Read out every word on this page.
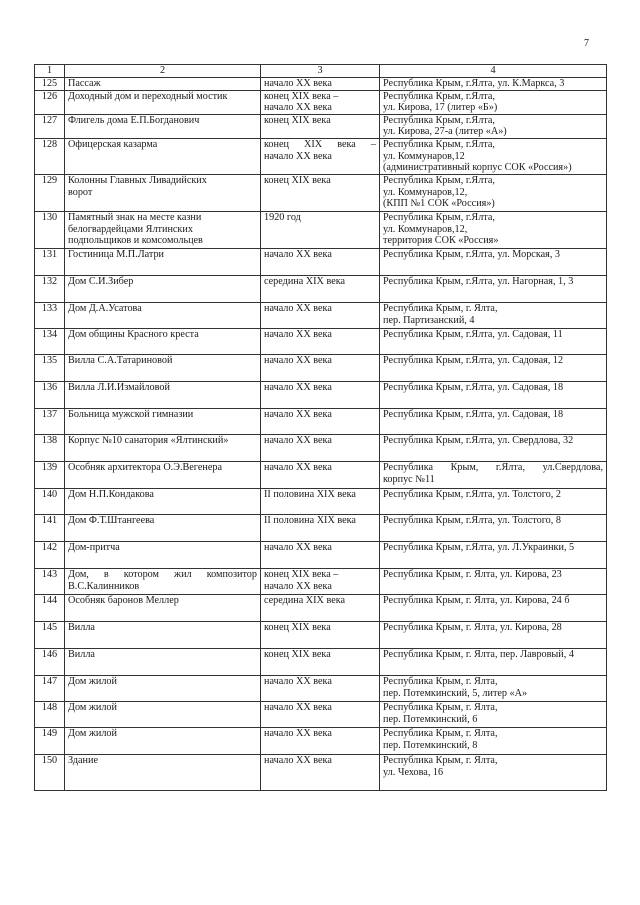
7
1	2	3	4
125	Пассаж	начало XX века	Республика Крым, г.Ялта, ул. К.Маркса, 3

126	Доходный дом и переходный мостик	конец XIX века –
начало XX века	Республика Крым, г.Ялта,
ул. Кирова, 17 (литер «Б»)

127	Флигель дома Е.П.Богданович	конец XIX века	Республика Крым, г.Ялта,
ул. Кирова, 27-а (литер «А»)

128	Офицерская казарма	конец XIX века –
начало XX века	Республика Крым, г.Ялта,
ул. Коммунаров,12
(административный корпус СОК «Россия»)

129	Колонны Главных Ливадийских
ворот	конец XIX века	Республика Крым, г.Ялта,
ул. Коммунаров,12,
(КПП №1 СОК «Россия»)

130	Памятный знак на месте казни
белогвардейцами Ялтинских
подпольщиков и комсомольцев	1920 год	Республика Крым, г.Ялта,
ул. Коммунаров,12,
территория СОК «Россия»

131	Гостиница М.П.Латри	начало XX века	Республика Крым, г.Ялта, ул. Морская, 3

132	Дом С.И.Зибер	середина XIX века	Республика Крым, г.Ялта, ул. Нагорная, 1, 3

133	Дом Д.А.Усатова	начало XX века	Республика Крым, г. Ялта,
пер. Партизанский, 4

134	Дом общины Красного креста	начало XX века	Республика Крым, г.Ялта, ул. Садовая, 11

135	Вилла С.А.Татариновой	начало XX века	Республика Крым, г.Ялта, ул. Садовая, 12

136	Вилла Л.И.Измайловой	начало XX века	Республика Крым, г.Ялта, ул. Садовая, 18

137	Больница мужской гимназии	начало XX века	Республика Крым, г.Ялта, ул. Садовая, 18

138	Корпус №10 санатория «Ялтинский»	начало XX века	Республика Крым, г.Ялта, ул. Свердлова, 32

139	Особняк архитектора О.Э.Вегенера	начало XX века	Республика Крым, г.Ялта, ул.Свердлова,
корпус №11

140	Дом Н.П.Кондакова	II половина XIX века	Республика Крым, г.Ялта, ул. Толстого, 2

141	Дом Ф.Т.Штангеева	II половина XIX века	Республика Крым, г.Ялта, ул. Толстого, 8

142	Дом-притча	начало XX века	Республика Крым, г.Ялта, ул. Л.Украинки, 5

143	Дом, в котором жил композитор
В.С.Калинников	конец XIX века –
начало XX века	Республика Крым, г. Ялта, ул. Кирова, 23

144	Особняк баронов Меллер	середина XIX века	Республика Крым, г. Ялта, ул. Кирова, 24 б

145	Вилла	конец XIX века	Республика Крым, г. Ялта, ул. Кирова, 28

146	Вилла	конец XIX века	Республика Крым, г. Ялта, пер. Лавровый, 4

147	Дом жилой	начало XX века	Республика Крым, г. Ялта,
пер. Потемкинский, 5, литер «А»

148	Дом жилой	начало XX века	Республика Крым, г. Ялта,
пер. Потемкинский, 6

149	Дом жилой	начало XX века	Республика Крым, г. Ялта,
пер. Потемкинский, 8

150	Здание	начало XX века	Республика Крым, г. Ялта,
ул. Чехова, 16
